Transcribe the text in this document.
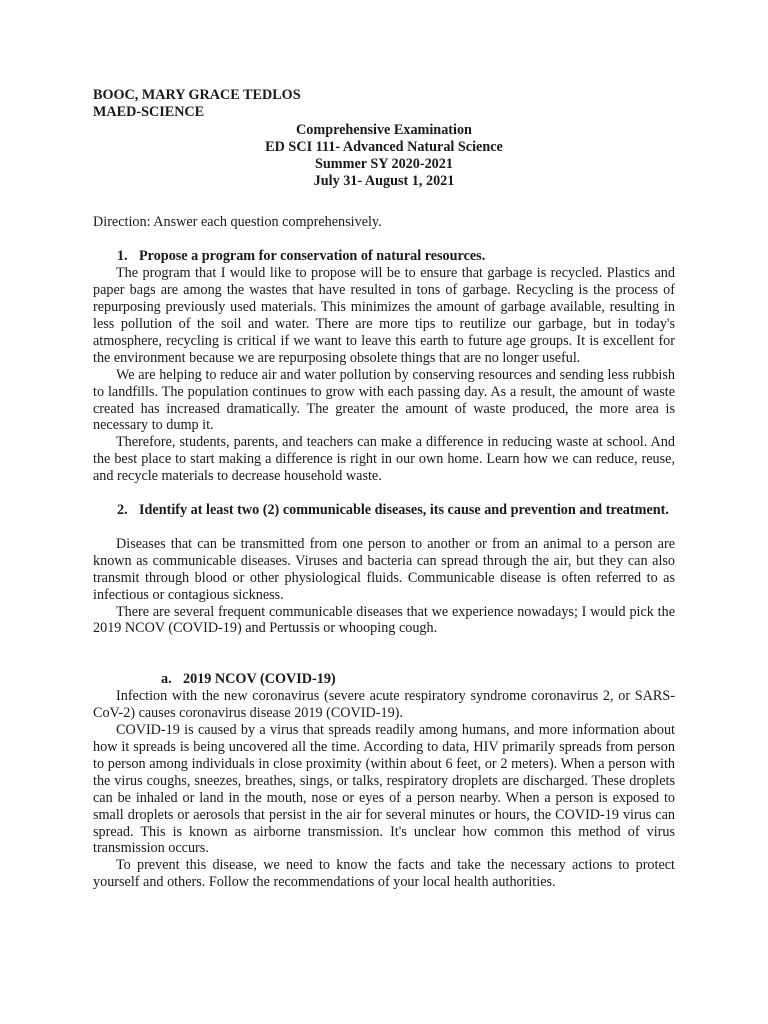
BOOC, MARY GRACE TEDLOS

MAED-SCIENCE

Comprehensive Examination
ED SCI 111- Advanced Natural Science
Summer SY 2020-2021
July 31- August 1, 2021

Direction: Answer each question comprehensively.

1. Propose a program for conservation of natural resources.

The program that I would like to propose will be to ensure that garbage is recycled. Plastics and paper bags are among the wastes that have resulted in tons of garbage. Recycling is the process of repurposing previously used materials. This minimizes the amount of garbage available, resulting in less pollution of the soil and water. There are more tips to reutilize our garbage, but in today's atmosphere, recycling is critical if we want to leave this earth to future age groups. It is excellent for the environment because we are repurposing obsolete things that are no longer useful.

We are helping to reduce air and water pollution by conserving resources and sending less rubbish to landfills. The population continues to grow with each passing day. As a result, the amount of waste created has increased dramatically. The greater the amount of waste produced, the more area is necessary to dump it.

Therefore, students, parents, and teachers can make a difference in reducing waste at school. And the best place to start making a difference is right in our own home. Learn how we can reduce, reuse, and recycle materials to decrease household waste.

2. Identify at least two (2) communicable diseases, its cause and prevention and treatment.

Diseases that can be transmitted from one person to another or from an animal to a person are known as communicable diseases. Viruses and bacteria can spread through the air, but they can also transmit through blood or other physiological fluids. Communicable disease is often referred to as infectious or contagious sickness.

There are several frequent communicable diseases that we experience nowadays; I would pick the 2019 NCOV (COVID-19) and Pertussis or whooping cough.

a. 2019 NCOV (COVID-19)

Infection with the new coronavirus (severe acute respiratory syndrome coronavirus 2, or SARS-CoV-2) causes coronavirus disease 2019 (COVID-19).

COVID-19 is caused by a virus that spreads readily among humans, and more information about how it spreads is being uncovered all the time. According to data, HIV primarily spreads from person to person among individuals in close proximity (within about 6 feet, or 2 meters). When a person with the virus coughs, sneezes, breathes, sings, or talks, respiratory droplets are discharged. These droplets can be inhaled or land in the mouth, nose or eyes of a person nearby. When a person is exposed to small droplets or aerosols that persist in the air for several minutes or hours, the COVID-19 virus can spread. This is known as airborne transmission. It's unclear how common this method of virus transmission occurs.

To prevent this disease, we need to know the facts and take the necessary actions to protect yourself and others. Follow the recommendations of your local health authorities.
